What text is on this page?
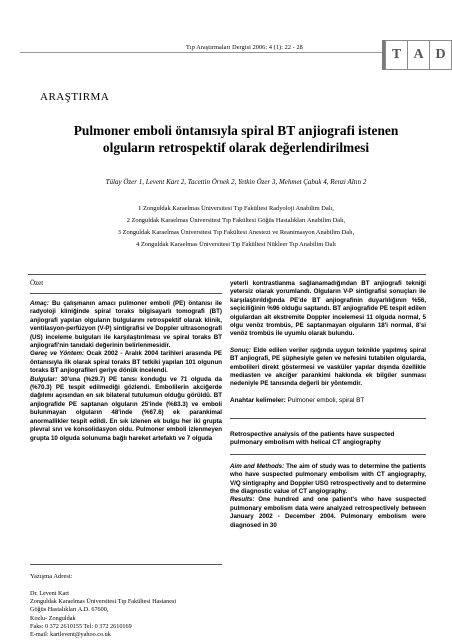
Tıp Araştırmaları Dergisi 2006: 4 (1): 22 - 28	T A D
ARAŞTIRMA
Pulmoner emboli öntanısıyla spiral BT anjiografi istenen
olguların retrospektif olarak değerlendirilmesi
Tülay Özer 1, Levent Kart 2, Tacettin Örnek 2, Yetkin Özer 3, Mehmet Çabuk 4, Renzi Altın 2
1 Zonguldak Karaelmas Üniversitesi Tıp Fakültesi Radyoloji Anabilim Dalı,
2 Zonguldak Karaelmas Üniversitesi Tıp Fakültesi Göğüs Hastalıkları Anabilim Dalı,
3 Zonguldak Karaelmas Üniversitesi Tıp Fakültesi Anestezi ve Reanimasyon Anabilim Dalı,
4 Zonguldak Karaelmas Üniversitesi Tıp Fakültesi Nükleer Tıp Anabilim Dalı
Özet

Amaç: Bu çalışmanın amacı pulmoner emboli (PE) öntanısı ile radyoloji kliniğinde spiral toraks bilgisayarlı tomografi (BT) anjiografi yapılan olguların bulgularını retrospektif olarak klinik, ventilasyon-perfüzyon (V-P) sintigrafisi ve Doppler ultrasonografi (US) inceleme bulguları ile karşılaştırılması ve spiral toraks BT anjiografi'nin tanıdaki değerinin belirlenmesidir.

Gereç ve Yöntem: Ocak 2002 - Aralık 2004 tarihleri arasında PE öntanısıyla ilk olarak spiral toraks BT tetkiki yapılan 101 olgunun toraks BT anjiografileri geriye dönük incelendi.

Bulgular: 30'una (%29.7) PE tanısı konduğu ve 71 olguda da (%70.3) PE tespit edilmediği gözlendi. Embolilerin akciğerde dağılımı açısından en sık bilateral tutulumun olduğu görüldü. BT anjiografide PE saptanan olguların 25'inde (%83.3) ve emboli bulunmayan olguların 48'inde (%67.6) ek parankimal anormallikler tespit edildi. En sık izlenen ek bulgu her iki grupta plevral sıvı ve konsolidasyon oldu. Pulmoner emboli izlenmeyen grupta 10 olguda solunuma bağlı hareket artefaktı ve 7 olguda

Yazışma Adresi:
Dr. Levent Kart
Zonguldak Karaelmas Üniversitesi Tıp Fakültesi Hastanesi
Göğüs Hastalıkları A.D. 67600,
Kozlu- Zonguldak
Faks: 0 372 2610155 Tel: 0 372 2610169
E-mail: kartlevent@yahoo.co.uk

yeterli kontrastlanma sağlanamadığından BT anjiografi tekniği yetersiz olarak yorumlandı. Olguların V-P sintigrafisi sonuçları ile karşılaştırıldığında PE'de BT anjiografinin duyarlılığının %56, seçiciliğinin %96 olduğu saptandı. BT anjiografide PE tespit edilen olgulardan alt ekstremite Doppler incelemesi 11 olguda normal, 5 olgu venöz trombüs, PE saptanmayan olguların 18'i normal, 8'si venöz trombüs ile uyumlu olarak bulundu.

Sonuç: Elde edilen veriler ışığında uygun teknikle yapılmış spiral BT anjiografi, PE şüphesiyle gelen ve nefesini tutabilen olgularda, embolileri direkt göstermesi ve vasküler yapılar dışında özellikle mediasten ve akciğer parankimi hakkında ek bilgiler sunması nedeniyle PE tanısında değerli bir yöntemdir.

Anahtar kelimeler: Pulmoner emboli, spiral BT
Retrospective analysis of the patients have suspected pulmonary embolism with helical CT angiography

Aim and Methods: The aim of study was to determine the patients who have suspected pulmonary embolism with CT angiography, V/Q sintigraphy and Doppler USG retrospectively and to determine the diagnostic value of CT angiography.

Results: One hundred and one patient's who have suspected pulmonary embolism data were analyzed retrospectively between January 2002 - December 2004. Pulmonary embolism were diagnosed in 30
